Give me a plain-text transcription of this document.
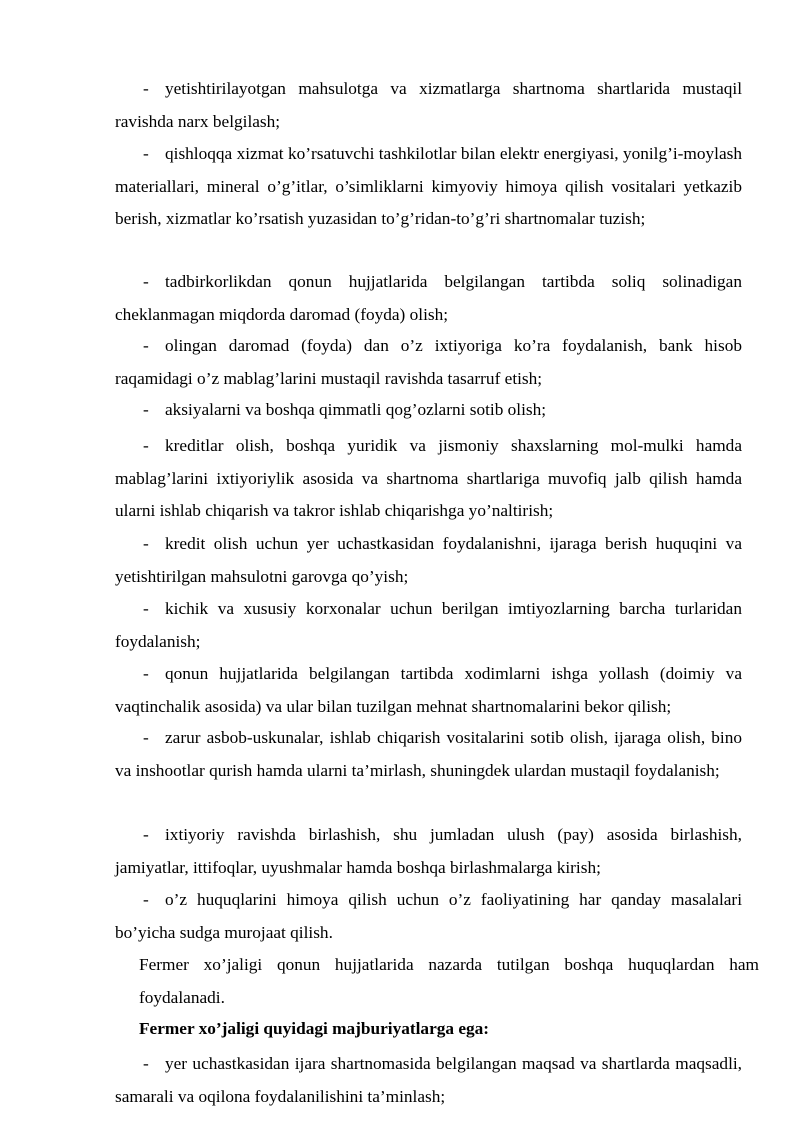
- yetishtirilayotgan mahsulotga va xizmatlarga shartnoma shartlarida mustaqil ravishda narx belgilash;

- qishloqqa xizmat ko’rsatuvchi tashkilotlar bilan elektr energiyasi, yonilg’i-moylash materiallari, mineral o’g’itlar, o’simliklarni kimyoviy himoya qilish vositalari yetkazib berish, xizmatlar ko’rsatish yuzasidan to’g’ridan-to’g’ri shartnomalar tuzish;

- tadbirkorlikdan qonun hujjatlarida belgilangan tartibda soliq solinadigan cheklanmagan miqdorda daromad (foyda) olish;

- olingan daromad (foyda) dan o’z ixtiyoriga ko’ra foydalanish, bank hisob raqamidagi o’z mablag’larini mustaqil ravishda tasarruf etish;

- aksiyalarni va boshqa qimmatli qog’ozlarni sotib olish;

- kreditlar olish, boshqa yuridik va jismoniy shaxslarning mol-mulki hamda mablag’larini ixtiyoriylik asosida va shartnoma shartlariga muvofiq jalb qilish hamda ularni ishlab chiqarish va takror ishlab chiqarishga yo’naltirish;

- kredit olish uchun yer uchastkasidan foydalanishni, ijaraga berish huquqini va yetishtirilgan mahsulotni garovga qo’yish;

- kichik va xususiy korxonalar uchun berilgan imtiyozlarning barcha turlaridan foydalanish;

- qonun hujjatlarida belgilangan tartibda xodimlarni ishga yollash (doimiy va vaqtinchalik asosida) va ular bilan tuzilgan mehnat shartnomalarini bekor qilish;

- zarur asbob-uskunalar, ishlab chiqarish vositalarini sotib olish, ijaraga olish, bino va inshootlar qurish hamda ularni ta’mirlash, shuningdek ulardan mustaqil foydalanish;

- ixtiyoriy ravishda birlashish, shu jumladan ulush (pay) asosida birlashish, jamiyatlar, ittifoqlar, uyushmalar hamda boshqa birlashmalarga kirish;

- o’z huquqlarini himoya qilish uchun o’z faoliyatining har qanday masalalari bo’yicha sudga murojaat qilish.

Fermer xo’jaligi qonun hujjatlarida nazarda tutilgan boshqa huquqlardan ham foydalanadi.

Fermer xo’jaligi quyidagi majburiyatlarga ega:

- yer uchastkasidan ijara shartnomasida belgilangan maqsad va shartlarda maqsadli, samarali va oqilona foydalanilishini ta’minlash;
